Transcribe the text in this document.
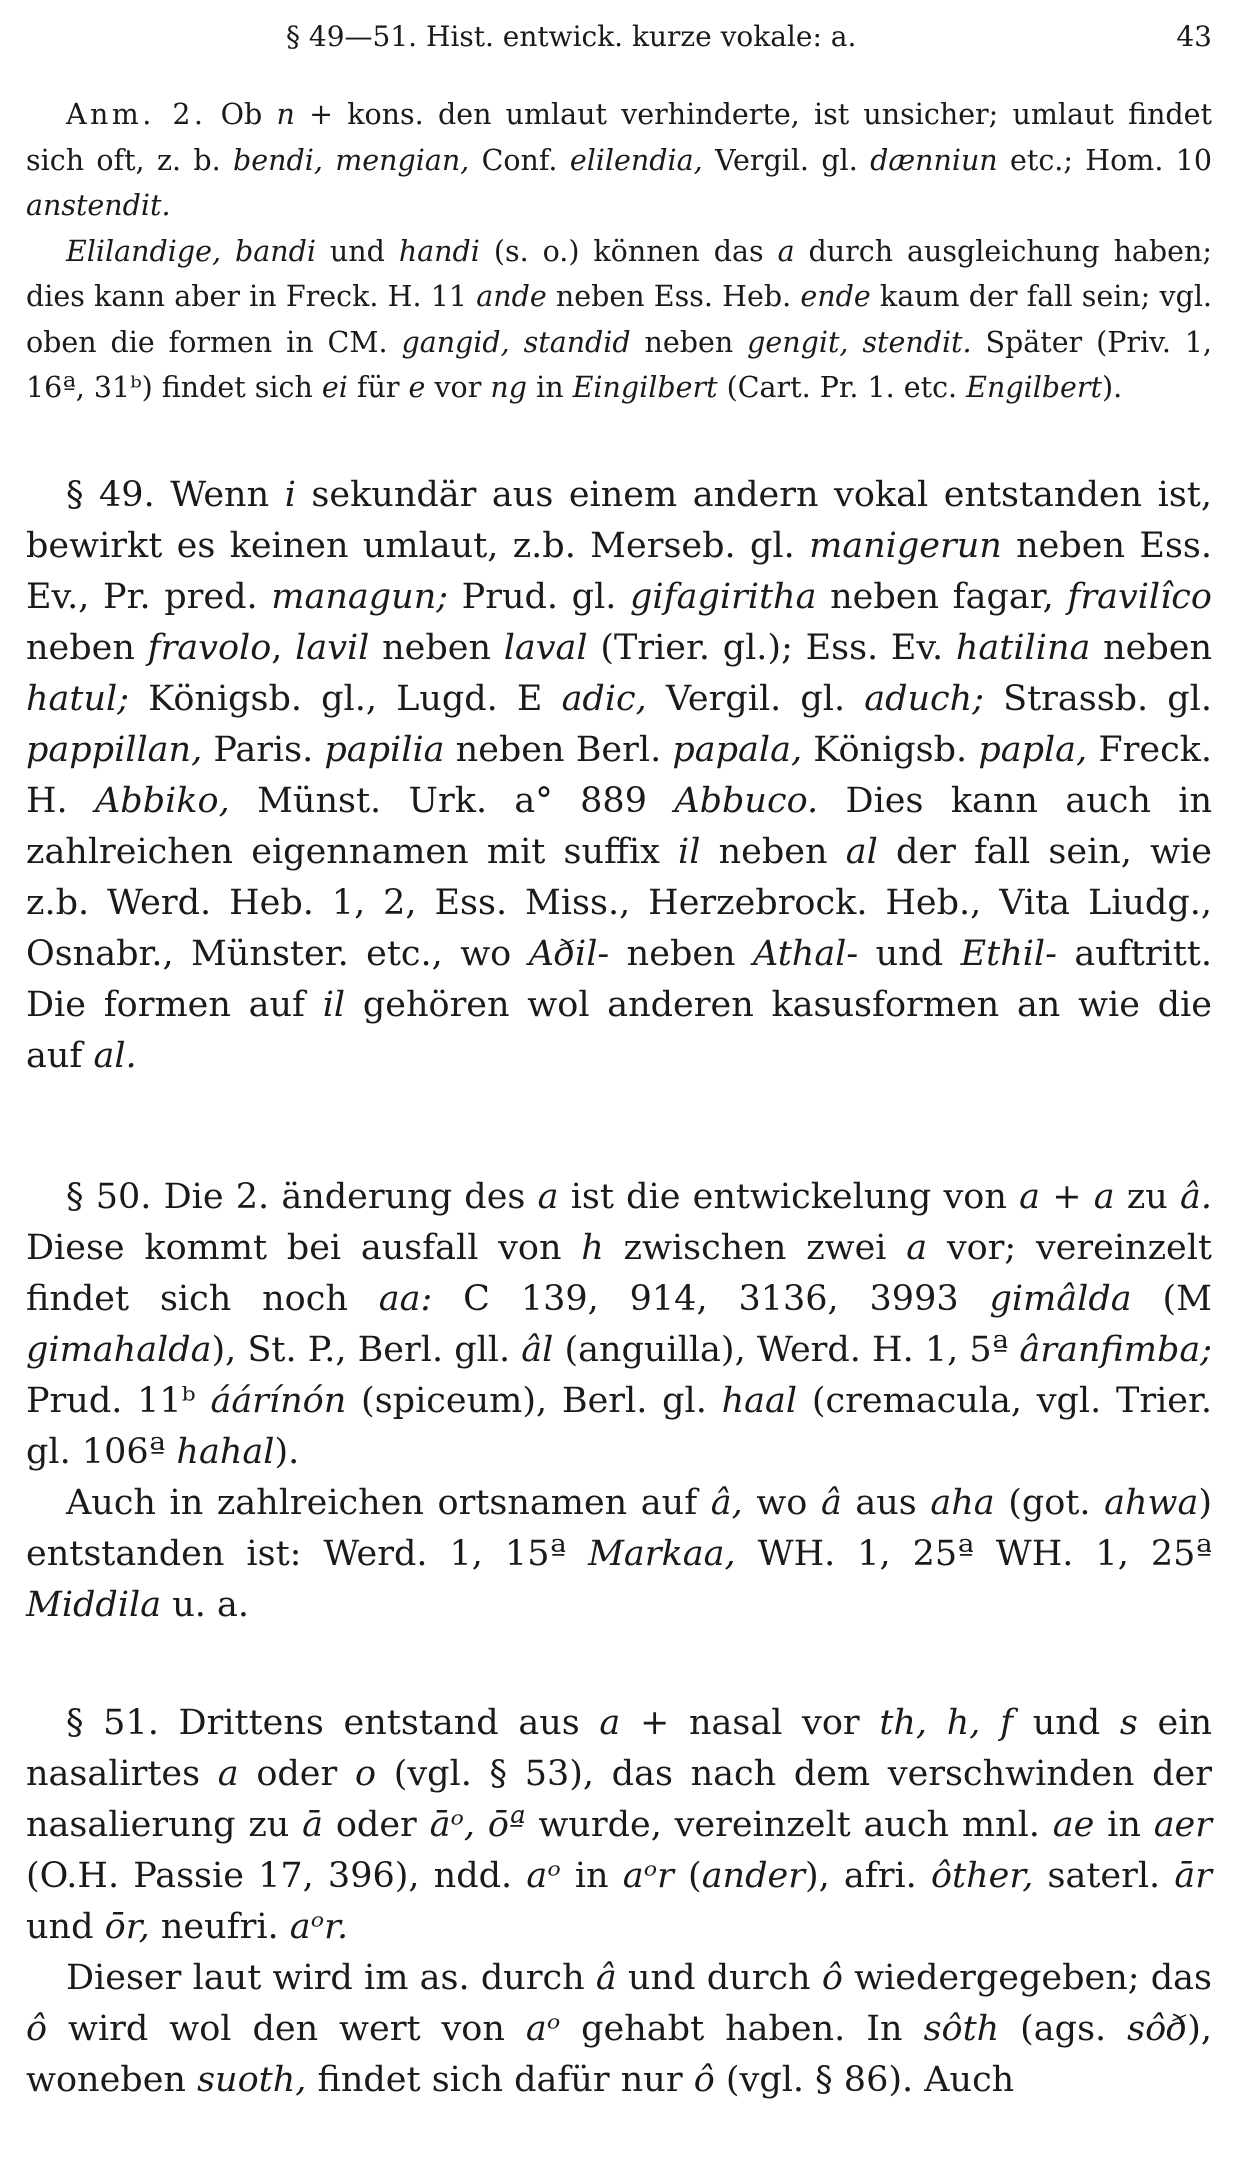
§ 49—51. Hist. entwick. kurze vokale: a.	43

Anm. 2. Ob n + kons. den umlaut verhinderte, ist unsicher; umlaut findet sich oft, z. b. bendi, mengian, Conf. elilendia, Vergil. gl. dænniun etc.; Hom. 10 anstendit.

Elilandige, bandi und handi (s. o.) können das a durch ausgleichung haben; dies kann aber in Freck. H. 11 ande neben Ess. Heb. ende kaum der fall sein; vgl. oben die formen in CM. gangid, standid neben gengit, stendit. Später (Priv. 1, 16ª, 31ᵇ) findet sich ei für e vor ng in Eingilbert (Cart. Pr. 1. etc. Engilbert).

§ 49. Wenn i sekundär aus einem andern vokal entstanden ist, bewirkt es keinen umlaut, z.b. Merseb. gl. manigerun neben Ess. Ev., Pr. pred. managun; Prud. gl. gifagiritha neben fagar, fravilîco neben fravolo, lavil neben laval (Trier. gl.); Ess. Ev. hatilina neben hatul; Königsb. gl., Lugd. E adic, Vergil. gl. aduch; Strassb. gl. pappillan, Paris. papilia neben Berl. papala, Königsb. papla, Freck. H. Abbiko, Münst. Urk. a° 889 Abbuco. Dies kann auch in zahlreichen eigennamen mit suffix il neben al der fall sein, wie z.b. Werd. Heb. 1, 2, Ess. Miss., Herzebrock. Heb., Vita Liudg., Osnabr., Münster. etc., wo Aðil- neben Athal- und Ethil- auftritt. Die formen auf il gehören wol anderen kasusformen an wie die auf al.

§ 50. Die 2. änderung des a ist die entwickelung von a + a zu â. Diese kommt bei ausfall von h zwischen zwei a vor; vereinzelt findet sich noch aa: C 139, 914, 3136, 3993 gimâlda (M gimahalda), St. P., Berl. gll. âl (anguilla), Werd. H. 1, 5ª âranfimba; Prud. 11ᵇ áárínón (spiceum), Berl. gl. haal (cremacula, vgl. Trier. gl. 106ª hahal).

Auch in zahlreichen ortsnamen auf â, wo â aus aha (got. ahwa) entstanden ist: Werd. 1, 15ª Markaa, WH. 1, 25ª WH. 1, 25ª Middila u. a.

§ 51. Drittens entstand aus a + nasal vor th, h, f und s ein nasalirtes a oder o (vgl. § 53), das nach dem verschwinden der nasalierung zu ā oder āᵒ, ōª wurde, vereinzelt auch mnl. ae in aer (O.H. Passie 17, 396), ndd. aᵒ in aᵒr (ander), afri. ôther, saterl. ār und ōr, neufri. aᵒr.

Dieser laut wird im as. durch â und durch ô wiedergegeben; das ô wird wol den wert von aᵒ gehabt haben. In sôth (ags. sôð), woneben suoth, findet sich dafür nur ô (vgl. § 86). Auch
